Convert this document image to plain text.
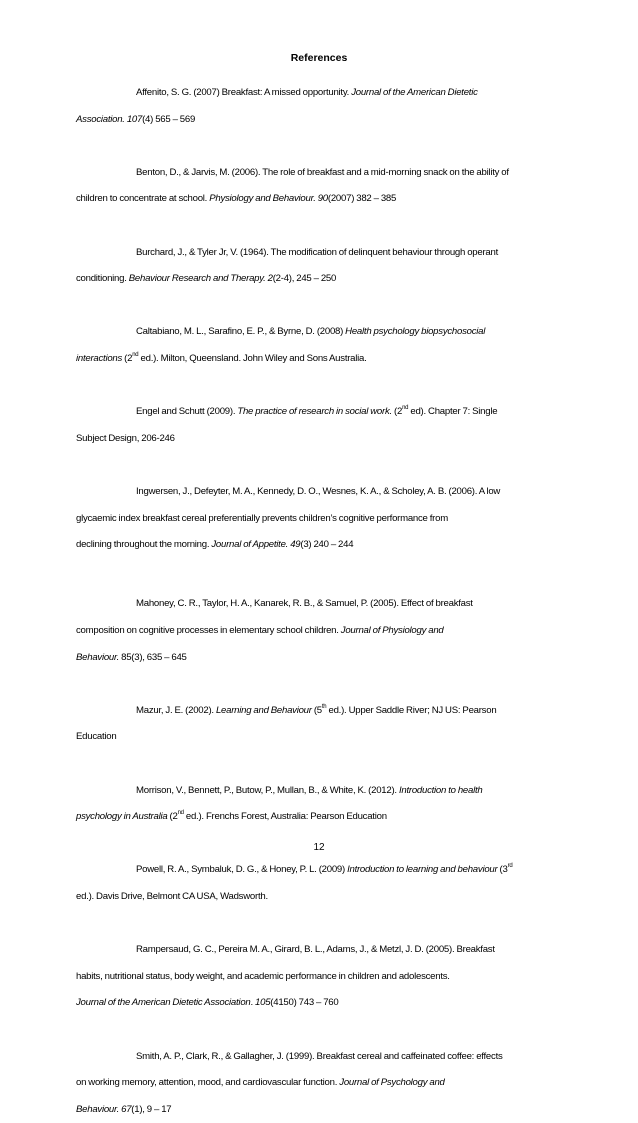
References
Affenito, S. G. (2007) Breakfast: A missed opportunity. Journal of the American Dietetic
Association. 107(4) 565 – 569
Benton, D., & Jarvis, M. (2006). The role of breakfast and a mid-morning snack on the ability of
children to concentrate at school. Physiology and Behaviour. 90(2007) 382 – 385
Burchard, J., & Tyler Jr, V. (1964). The modification of delinquent behaviour through operant
conditioning. Behaviour Research and Therapy. 2(2-4), 245 – 250
Caltabiano, M. L., Sarafino, E. P., & Byrne, D. (2008) Health psychology biopsychosocial
interactions (2nd ed.). Milton, Queensland. John Wiley and Sons Australia.
Engel and Schutt (2009). The practice of research in social work. (2nd ed). Chapter 7: Single
Subject Design, 206-246
Ingwersen, J., Defeyter, M. A., Kennedy, D. O., Wesnes, K. A., & Scholey, A. B. (2006). A low
glycaemic index breakfast cereal preferentially prevents children’s cognitive performance from
declining throughout the morning. Journal of Appetite. 49(3) 240 – 244
Mahoney, C. R., Taylor, H. A., Kanarek, R. B., & Samuel, P. (2005). Effect of breakfast
composition on cognitive processes in elementary school children. Journal of Physiology and
Behaviour. 85(3), 635 – 645
Mazur, J. E. (2002). Learning and Behaviour (5th ed.). Upper Saddle River; NJ US: Pearson
Education
Morrison, V., Bennett, P., Butow, P., Mullan, B., & White, K. (2012). Introduction to health
psychology in Australia (2nd ed.). Frenchs Forest, Australia: Pearson Education
Powell, R. A., Symbaluk, D. G., & Honey, P. L. (2009) Introduction to learning and behaviour (3rd
ed.). Davis Drive, Belmont CA USA, Wadsworth.
Rampersaud, G. C., Pereira M. A., Girard, B. L., Adams, J., & Metzl, J. D. (2005). Breakfast
habits, nutritional status, body weight, and academic performance in children and adolescents.
Journal of the American Dietetic Association. 105(4150) 743 – 760
Smith, A. P., Clark, R., & Gallagher, J. (1999). Breakfast cereal and caffeinated coffee: effects
on working memory, attention, mood, and cardiovascular function. Journal of Psychology and
Behaviour. 67(1), 9 – 17
12
